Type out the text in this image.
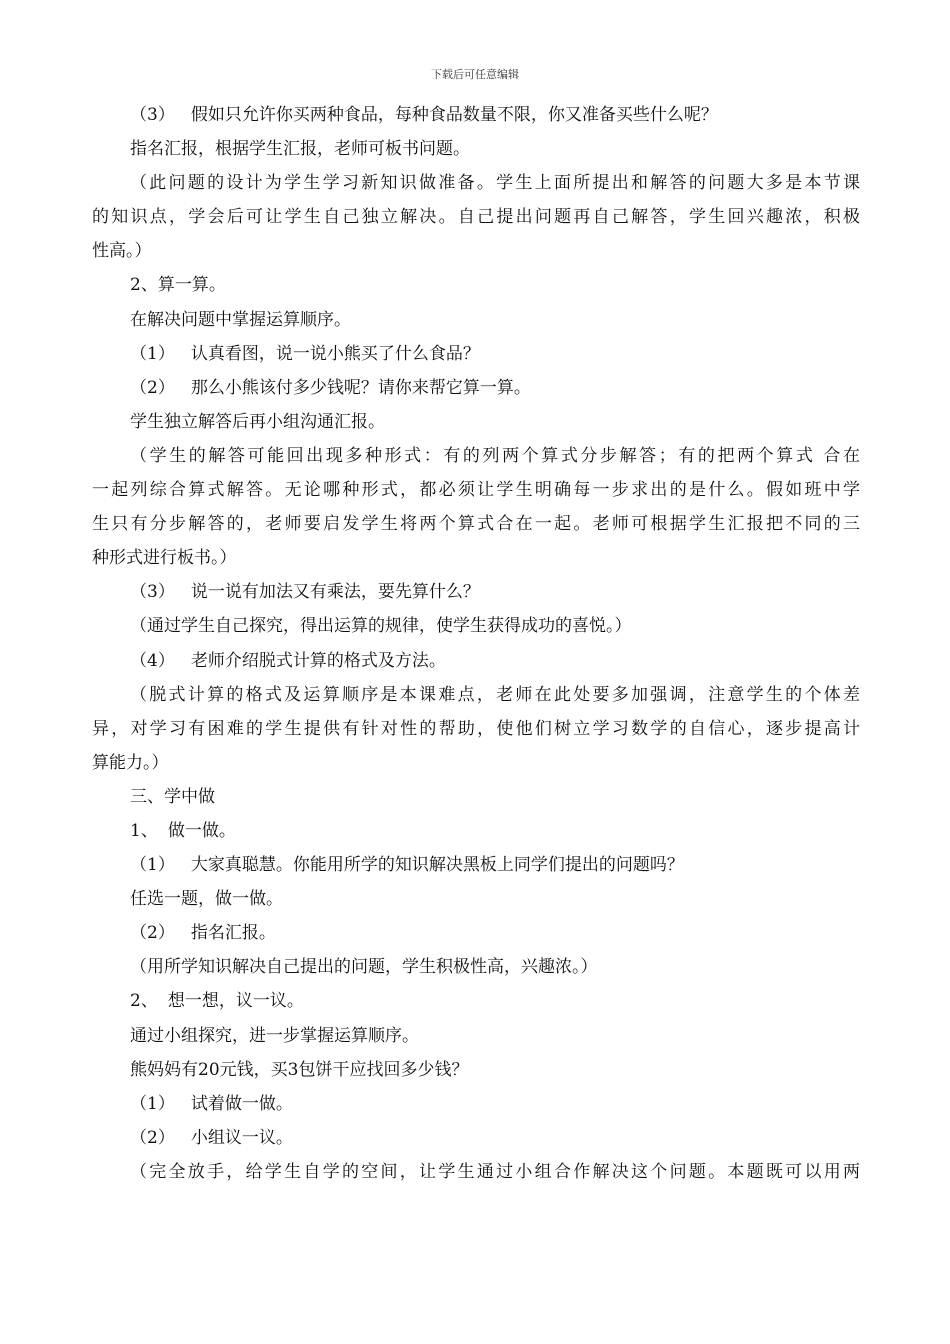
下载后可任意编辑
（3） 假如只允许你买两种食品，每种食品数量不限，你又准备买些什么呢？
指名汇报，根据学生汇报，老师可板书问题。
（此问题的设计为学生学习新知识做准备。学生上面所提出和解答的问题大多是本节课
的知识点，学会后可让学生自己独立解决。自己提出问题再自己解答，学生回兴趣浓，积极
性高。）
2、算一算。
在解决问题中掌握运算顺序。
（1） 认真看图，说一说小熊买了什么食品？
（2） 那么小熊该付多少钱呢？请你来帮它算一算。
学生独立解答后再小组沟通汇报。
（学生的解答可能回出现多种形式：有的列两个算式分步解答；有的把两个算式 合在
一起列综合算式解答。无论哪种形式，都必须让学生明确每一步求出的是什么。假如班中学
生只有分步解答的，老师要启发学生将两个算式合在一起。老师可根据学生汇报把不同的三
种形式进行板书。）
（3） 说一说有加法又有乘法，要先算什么？
（通过学生自己探究，得出运算的规律，使学生获得成功的喜悦。）
（4） 老师介绍脱式计算的格式及方法。
（脱式计算的格式及运算顺序是本课难点，老师在此处要多加强调，注意学生的个体差
异，对学习有困难的学生提供有针对性的帮助，使他们树立学习数学的自信心，逐步提高计
算能力。）
三、学中做
1、 做一做。
（1） 大家真聪慧。你能用所学的知识解决黑板上同学们提出的问题吗？
任选一题，做一做。
（2） 指名汇报。
（用所学知识解决自己提出的问题，学生积极性高，兴趣浓。）
2、 想一想，议一议。
通过小组探究，进一步掌握运算顺序。
熊妈妈有20元钱，买3包饼干应找回多少钱？
（1） 试着做一做。
（2） 小组议一议。
（完全放手，给学生自学的空间，让学生通过小组合作解决这个问题。本题既可以用两
